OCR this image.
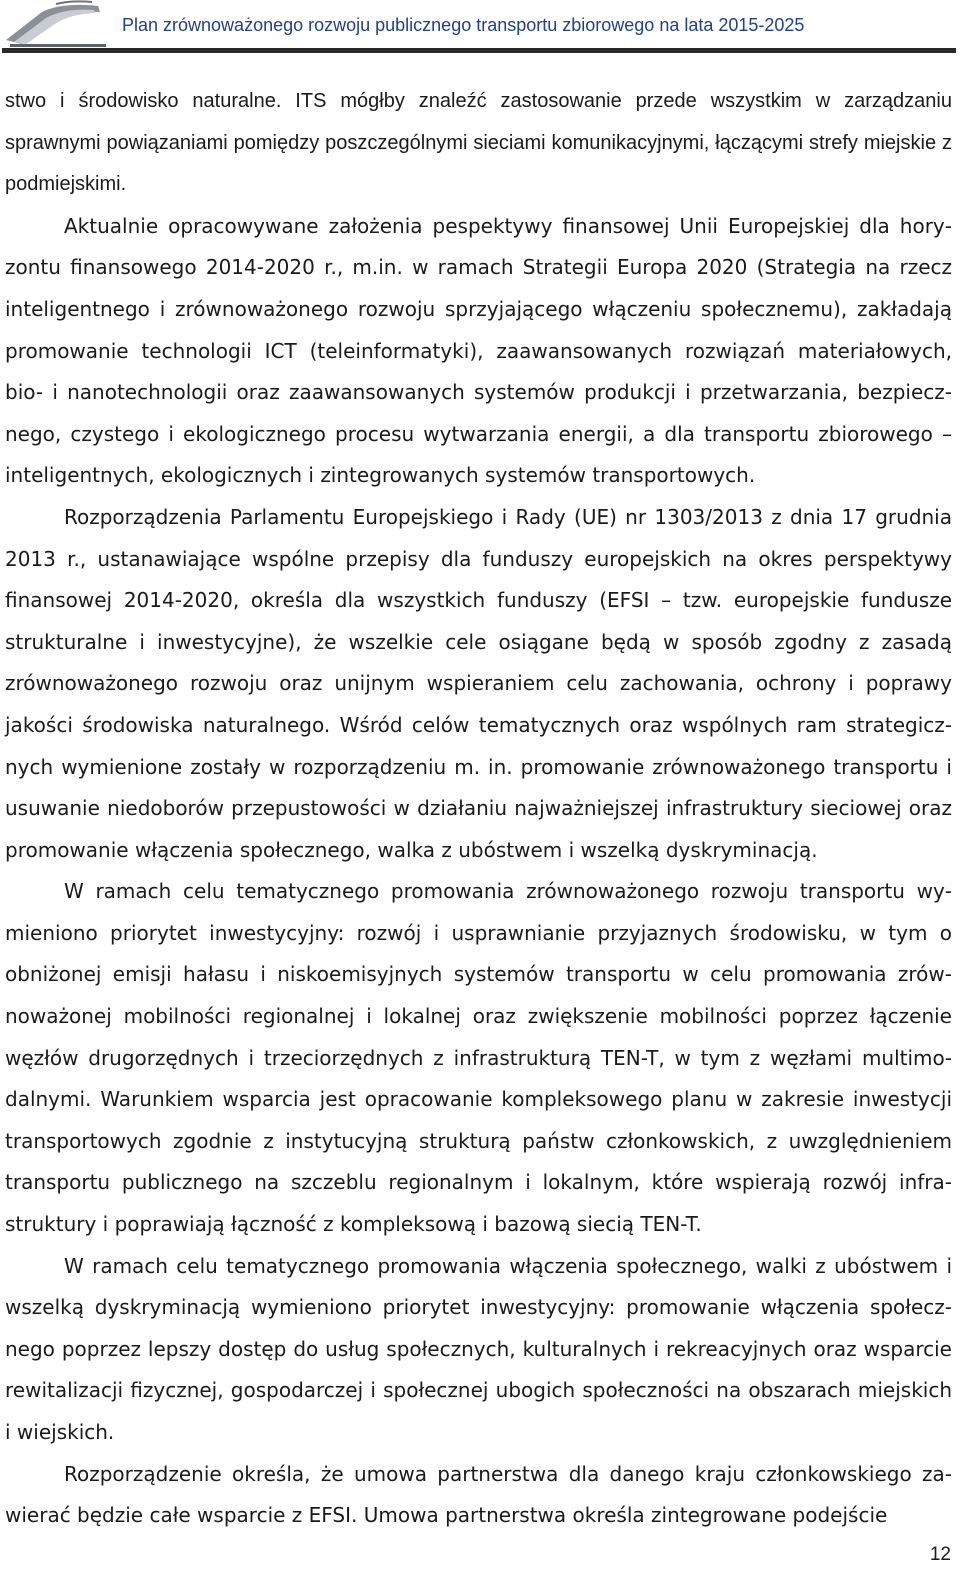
Plan zrównoważonego rozwoju publicznego transportu zbiorowego na lata 2015-2025

stwo i środowisko naturalne. ITS mógłby znaleźć zastosowanie przede wszystkim w zarządzaniu sprawnymi powiązaniami pomiędzy poszczególnymi sieciami komunikacyjnymi, łączącymi strefy miejskie z podmiejskimi.

Aktualnie opracowywane założenia pespektywy finansowej Unii Europejskiej dla horyzontu finansowego 2014-2020 r., m.in. w ramach Strategii Europa 2020 (Strategia na rzecz inteligentnego i zrównoważonego rozwoju sprzyjającego włączeniu społecznemu), zakładają promowanie technologii ICT (teleinformatyki), zaawansowanych rozwiązań materiałowych, bio- i nanotechnologii oraz zaawansowanych systemów produkcji i przetwarzania, bezpiecznego, czystego i ekologicznego procesu wytwarzania energii, a dla transportu zbiorowego – inteligentnych, ekologicznych i zintegrowanych systemów transportowych.

Rozporządzenia Parlamentu Europejskiego i Rady (UE) nr 1303/2013 z dnia 17 grudnia 2013 r., ustanawiające wspólne przepisy dla funduszy europejskich na okres perspektywy finansowej 2014-2020, określa dla wszystkich funduszy (EFSI – tzw. europejskie fundusze strukturalne i inwestycyjne), że wszelkie cele osiągane będą w sposób zgodny z zasadą zrównoważonego rozwoju oraz unijnym wspieraniem celu zachowania, ochrony i poprawy jakości środowiska naturalnego. Wśród celów tematycznych oraz wspólnych ram strategicznych wymienione zostały w rozporządzeniu m. in. promowanie zrównoważonego transportu i usuwanie niedoborów przepustowości w działaniu najważniejszej infrastruktury sieciowej oraz promowanie włączenia społecznego, walka z ubóstwem i wszelką dyskryminacją.

W ramach celu tematycznego promowania zrównoważonego rozwoju transportu wymieniono priorytet inwestycyjny: rozwój i usprawnianie przyjaznych środowisku, w tym o obniżonej emisji hałasu i niskoemisyjnych systemów transportu w celu promowania zrównoważonej mobilności regionalnej i lokalnej oraz zwiększenie mobilności poprzez łączenie węzłów drugorzędnych i trzeciorzędnych z infrastrukturą TEN-T, w tym z węzłami multimodalnymi. Warunkiem wsparcia jest opracowanie kompleksowego planu w zakresie inwestycji transportowych zgodnie z instytucyjną strukturą państw członkowskich, z uwzględnieniem transportu publicznego na szczeblu regionalnym i lokalnym, które wspierają rozwój infrastruktury i poprawiają łączność z kompleksową i bazową siecią TEN-T.

W ramach celu tematycznego promowania włączenia społecznego, walki z ubóstwem i wszelką dyskryminacją wymieniono priorytet inwestycyjny: promowanie włączenia społecznego poprzez lepszy dostęp do usług społecznych, kulturalnych i rekreacyjnych oraz wsparcie rewitalizacji fizycznej, gospodarczej i społecznej ubogich społeczności na obszarach miejskich i wiejskich.

Rozporządzenie określa, że umowa partnerstwa dla danego kraju członkowskiego zawierać będzie całe wsparcie z EFSI. Umowa partnerstwa określa zintegrowane podejście

12
